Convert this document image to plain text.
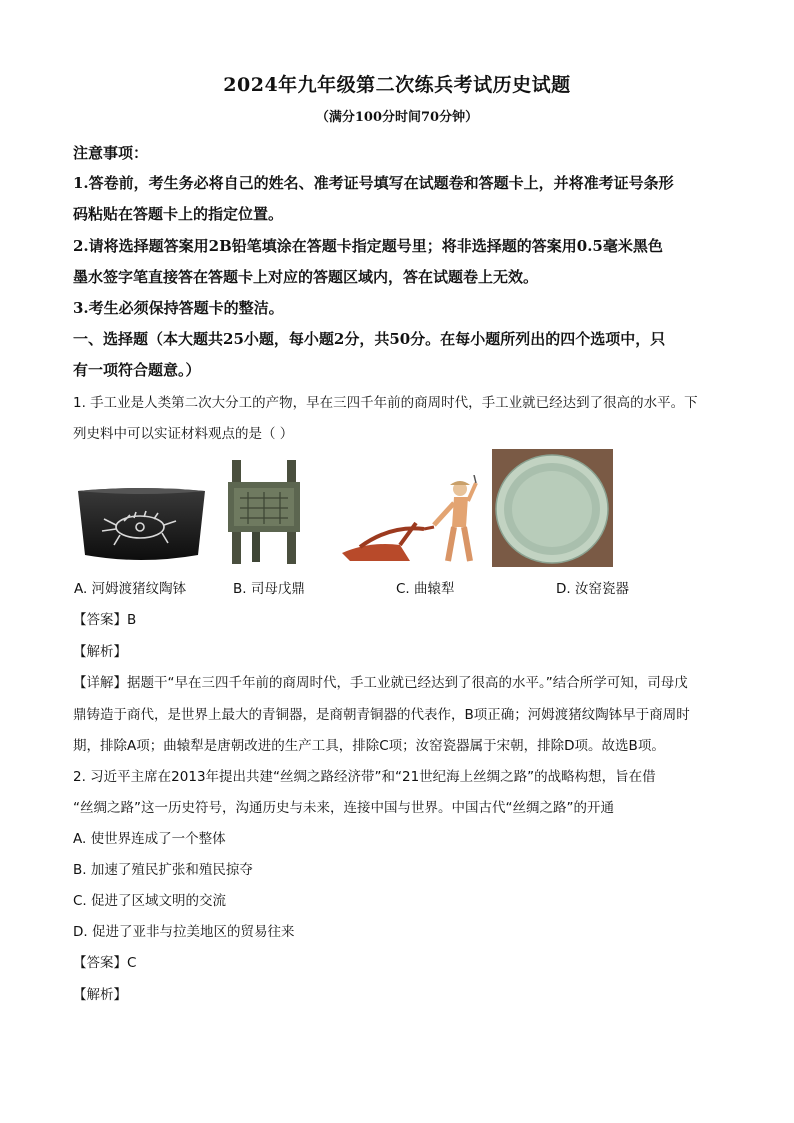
2024年九年级第二次练兵考试历史试题
（满分100分时间70分钟）
注意事项：
1.答卷前，考生务必将自己的姓名、准考证号填写在试题卷和答题卡上，并将准考证号条形
码粘贴在答题卡上的指定位置。
2.请将选择题答案用2B铅笔填涂在答题卡指定题号里；将非选择题的答案用0.5毫米黑色
墨水签字笔直接答在答题卡上对应的答题区域内，答在试题卷上无效。
3.考生必须保持答题卡的整洁。
一、选择题（本大题共25小题，每小题2分，共50分。在每小题所列出的四个选项中，只
有一项符合题意。）
1. 手工业是人类第二次大分工的产物，早在三四千年前的商周时代，手工业就已经达到了很高的水平。下
列史料中可以实证材料观点的是（ ）
A. 河姆渡猪纹陶钵	B. 司母戊鼎	C. 曲辕犁	D. 汝窑瓷器
【答案】B
【解析】
【详解】据题干“早在三四千年前的商周时代，手工业就已经达到了很高的水平。”结合所学可知，司母戊
鼎铸造于商代，是世界上最大的青铜器，是商朝青铜器的代表作，B项正确；河姆渡猪纹陶钵早于商周时
期，排除A项；曲辕犁是唐朝改进的生产工具，排除C项；汝窑瓷器属于宋朝，排除D项。故选B项。
2. 习近平主席在2013年提出共建“丝绸之路经济带”和“21世纪海上丝绸之路”的战略构想，旨在借
“丝绸之路”这一历史符号，沟通历史与未来，连接中国与世界。中国古代“丝绸之路”的开通
A. 使世界连成了一个整体
B. 加速了殖民扩张和殖民掠夺
C. 促进了区域文明的交流
D. 促进了亚非与拉美地区的贸易往来
【答案】C
【解析】
